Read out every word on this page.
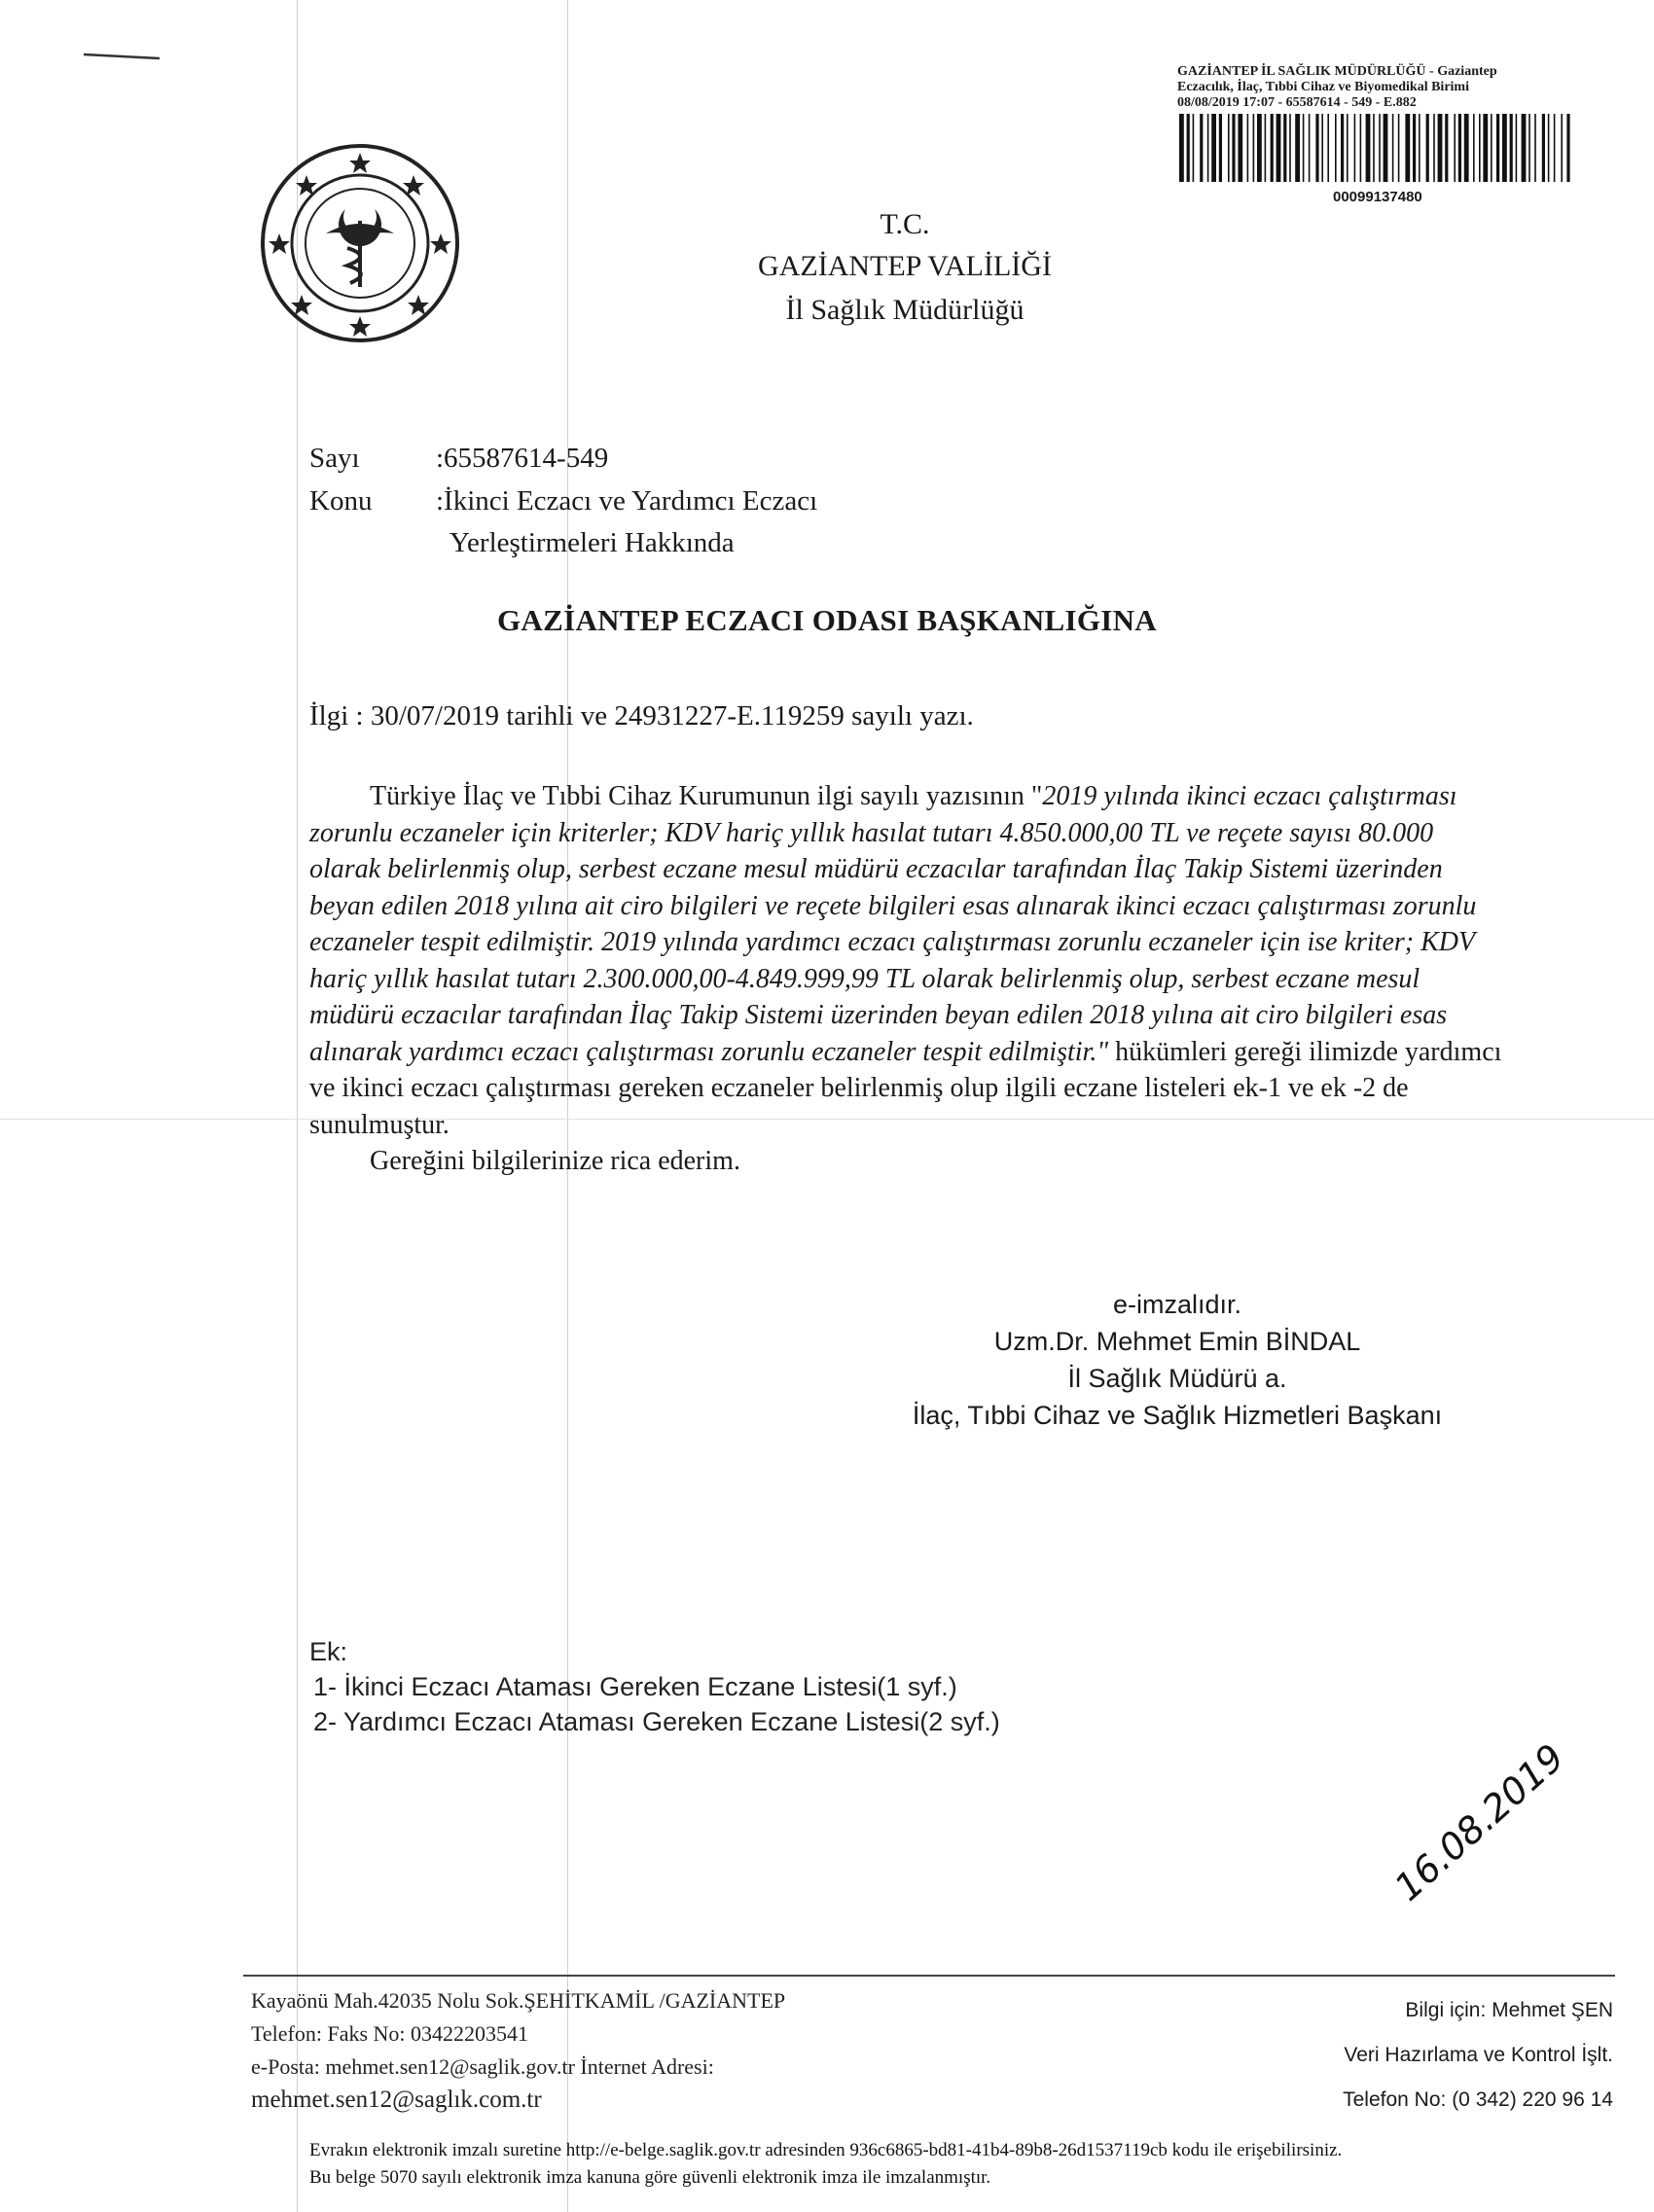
GAZİANTEP İL SAĞLIK MÜDÜRLÜĞÜ - Gaziantep
Eczacılık, İlaç, Tıbbi Cihaz ve Biyomedikal Birimi
08/08/2019 17:07 - 65587614 - 549 - E.882
00099137480
T.C.
GAZİANTEP VALİLİĞİ
İl Sağlık Müdürlüğü
Sayı	:65587614-549
Konu :İkinci Eczacı ve Yardımcı Eczacı
Yerleştirmeleri Hakkında
GAZİANTEP ECZACI ODASI BAŞKANLIĞINA
İlgi : 30/07/2019 tarihli ve 24931227-E.119259 sayılı yazı.

Türkiye İlaç ve Tıbbi Cihaz Kurumunun ilgi sayılı yazısının "2019 yılında ikinci eczacı çalıştırması zorunlu eczaneler için kriterler; KDV hariç yıllık hasılat tutarı 4.850.000,00 TL ve reçete sayısı 80.000 olarak belirlenmiş olup, serbest eczane mesul müdürü eczacılar tarafından İlaç Takip Sistemi üzerinden beyan edilen 2018 yılına ait ciro bilgileri ve reçete bilgileri esas alınarak ikinci eczacı çalıştırması zorunlu eczaneler tespit edilmiştir. 2019 yılında yardımcı eczacı çalıştırması zorunlu eczaneler için ise kriter; KDV hariç yıllık hasılat tutarı 2.300.000,00-4.849.999,99 TL olarak belirlenmiş olup, serbest eczane mesul müdürü eczacılar tarafından İlaç Takip Sistemi üzerinden beyan edilen 2018 yılına ait ciro bilgileri esas alınarak yardımcı eczacı çalıştırması zorunlu eczaneler tespit edilmiştir." hükümleri gereği ilimizde yardımcı ve ikinci eczacı çalıştırması gereken eczaneler belirlenmiş olup ilgili eczane listeleri ek-1 ve ek -2 de sunulmuştur.

Gereğini bilgilerinize rica ederim.

e-imzalıdır.
Uzm.Dr. Mehmet Emin BİNDAL
İl Sağlık Müdürü a.
İlaç, Tıbbi Cihaz ve Sağlık Hizmetleri Başkanı
Ek:
1- İkinci Eczacı Ataması Gereken Eczane Listesi(1 syf.)
2- Yardımcı Eczacı Ataması Gereken Eczane Listesi(2 syf.)
16.08.2019
Kayaönü Mah.42035 Nolu Sok.ŞEHİTKAMİL /GAZİANTEP
Telefon: Faks No: 03422203541
e-Posta: mehmet.sen12@saglik.gov.tr İnternet Adresi:
mehmet.sen12@saglık.com.tr
Bilgi için: Mehmet ŞEN
Veri Hazırlama ve Kontrol İşlt.
Telefon No: (0 342) 220 96 14
Evrakın elektronik imzalı suretine http://e-belge.saglik.gov.tr adresinden 936c6865-bd81-41b4-89b8-26d1537119cb kodu ile erişebilirsiniz.
Bu belge 5070 sayılı elektronik imza kanuna göre güvenli elektronik imza ile imzalanmıştır.
